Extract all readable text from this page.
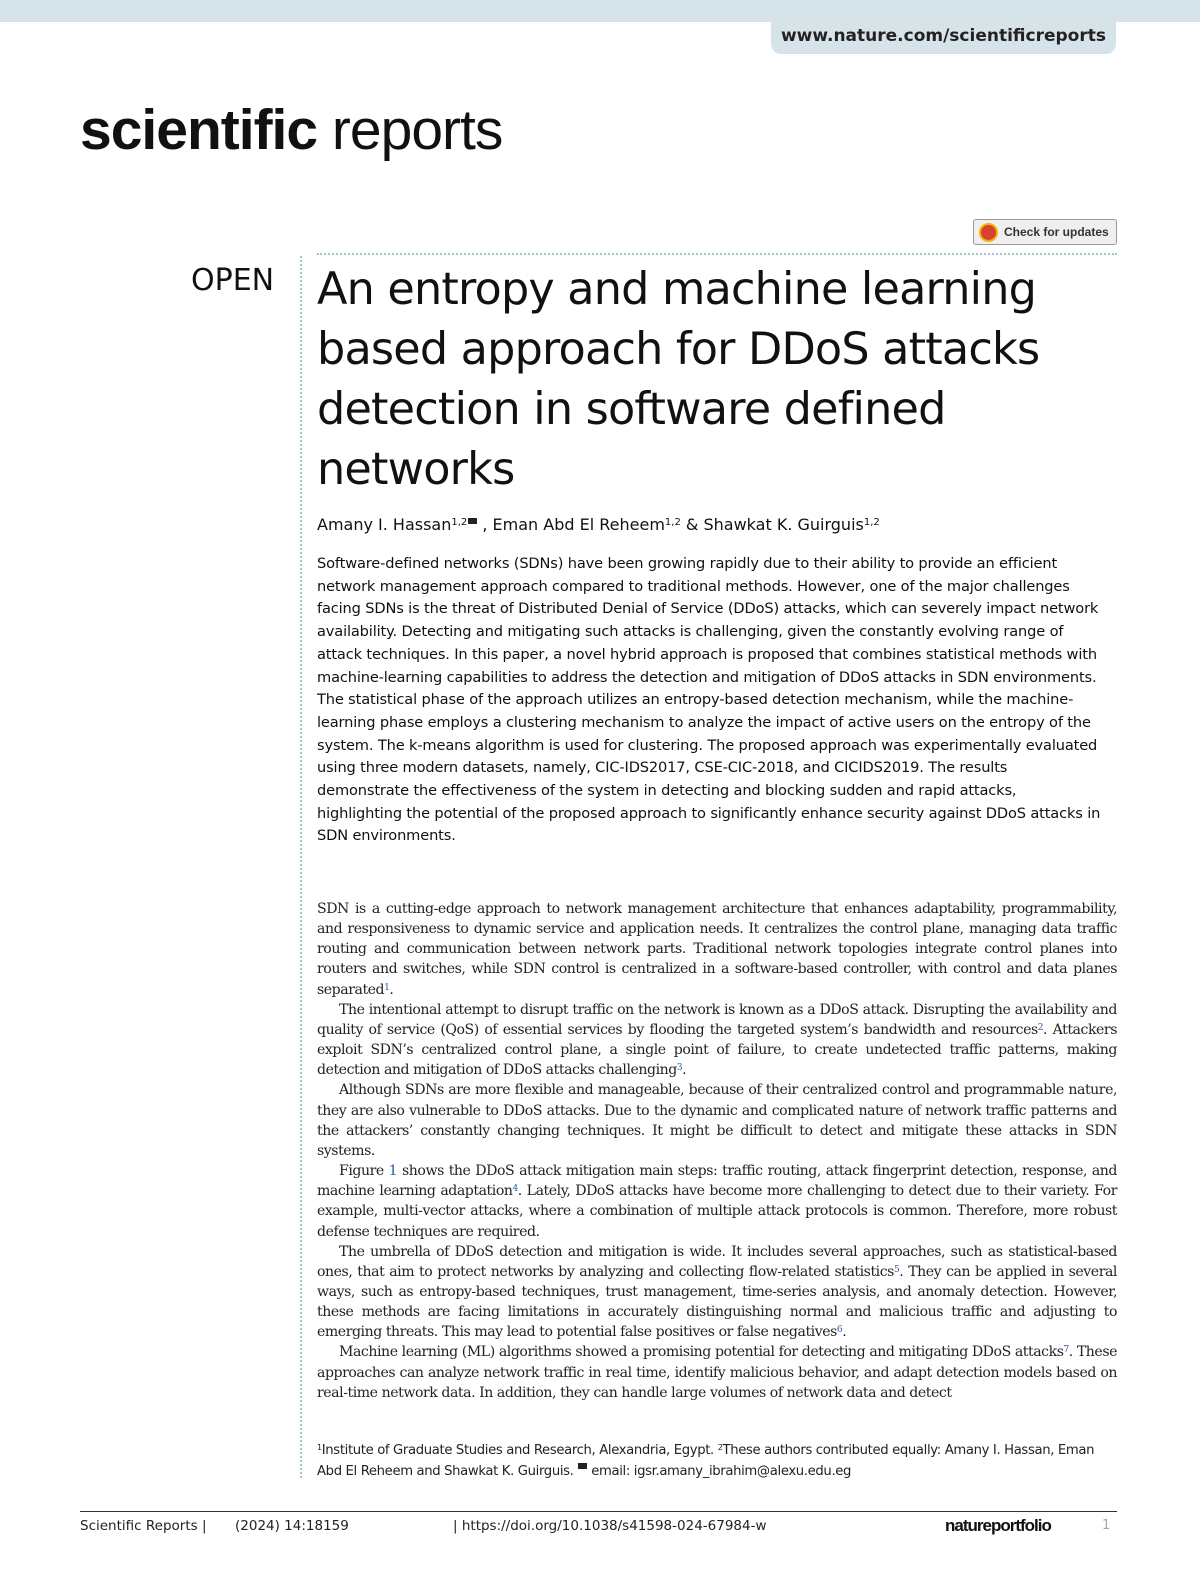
www.nature.com/scientificreports
scientific reports
Check for updates
OPEN An entropy and machine learning based approach for DDoS attacks detection in software defined networks
Amany I. Hassan$^{1,2}$ , Eman Abd El Reheem$^{1,2}$ & Shawkat K. Guirguis$^{1,2}$

Software-defined networks (SDNs) have been growing rapidly due to their ability to provide an efficient network management approach compared to traditional methods. However, one of the major challenges facing SDNs is the threat of Distributed Denial of Service (DDoS) attacks, which can severely impact network availability. Detecting and mitigating such attacks is challenging, given the constantly evolving range of attack techniques. In this paper, a novel hybrid approach is proposed that combines statistical methods with machine-learning capabilities to address the detection and mitigation of DDoS attacks in SDN environments. The statistical phase of the approach utilizes an entropy-based detection mechanism, while the machine-learning phase employs a clustering mechanism to analyze the impact of active users on the entropy of the system. The k-means algorithm is used for clustering. The proposed approach was experimentally evaluated using three modern datasets, namely, CIC-IDS2017, CSE-CIC-2018, and CICIDS2019. The results demonstrate the effectiveness of the system in detecting and blocking sudden and rapid attacks, highlighting the potential of the proposed approach to significantly enhance security against DDoS attacks in SDN environments.

SDN is a cutting-edge approach to network management architecture that enhances adaptability, programmability, and responsiveness to dynamic service and application needs. It centralizes the control plane, managing data traffic routing and communication between network parts. Traditional network topologies integrate control planes into routers and switches, while SDN control is centralized in a software-based controller, with control and data planes separated$^1$.

The intentional attempt to disrupt traffic on the network is known as a DDoS attack. Disrupting the availability and quality of service (QoS) of essential services by flooding the targeted system’s bandwidth and resources$^2$. Attackers exploit SDN’s centralized control plane, a single point of failure, to create undetected traffic patterns, making detection and mitigation of DDoS attacks challenging$^3$.

Although SDNs are more flexible and manageable, because of their centralized control and programmable nature, they are also vulnerable to DDoS attacks. Due to the dynamic and complicated nature of network traffic patterns and the attackers’ constantly changing techniques. It might be difficult to detect and mitigate these attacks in SDN systems.

Figure 1 shows the DDoS attack mitigation main steps: traffic routing, attack fingerprint detection, response, and machine learning adaptation$^4$. Lately, DDoS attacks have become more challenging to detect due to their variety. For example, multi-vector attacks, where a combination of multiple attack protocols is common. Therefore, more robust defense techniques are required.

The umbrella of DDoS detection and mitigation is wide. It includes several approaches, such as statistical-based ones, that aim to protect networks by analyzing and collecting flow-related statistics$^5$. They can be applied in several ways, such as entropy-based techniques, trust management, time-series analysis, and anomaly detection. However, these methods are facing limitations in accurately distinguishing normal and malicious traffic and adjusting to emerging threats. This may lead to potential false positives or false negatives$^6$.

Machine learning (ML) algorithms showed a promising potential for detecting and mitigating DDoS attacks$^7$. These approaches can analyze network traffic in real time, identify malicious behavior, and adapt detection models based on real-time network data. In addition, they can handle large volumes of network data and detect

$^1$Institute of Graduate Studies and Research, Alexandria, Egypt. $^2$These authors contributed equally: Amany I. Hassan, Eman Abd El Reheem and Shawkat K. Guirguis.  email: igsr.amany_ibrahim@alexu.edu.eg
Scientific Reports | (2024) 14:18159	| https://doi.org/10.1038/s41598-024-67984-w	natureportfolio	1
